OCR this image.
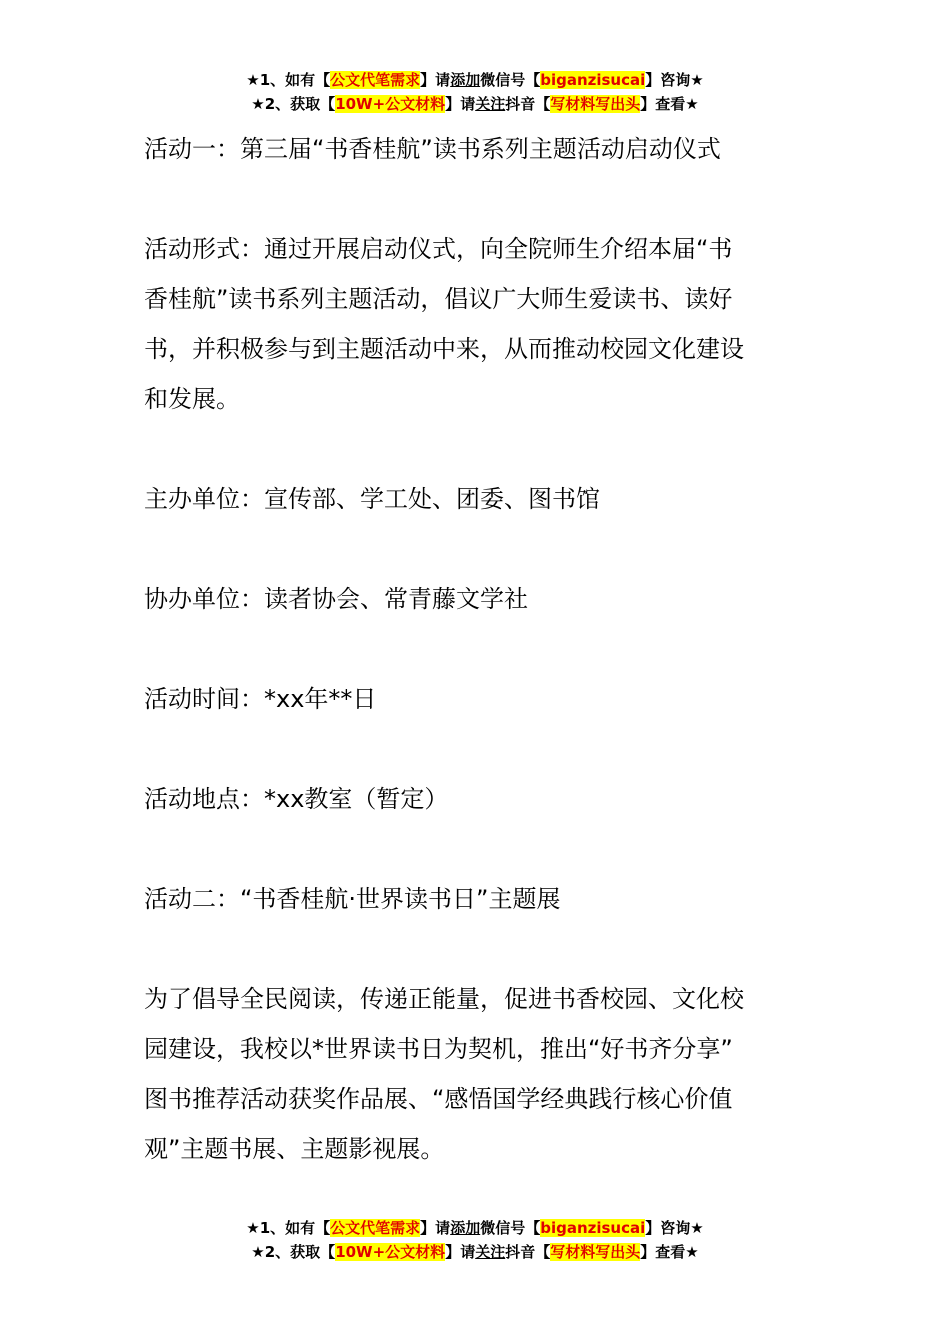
★1、如有【公文代笔需求】请添加微信号【biganzisucai】咨询★
★2、获取【10W+公文材料】请关注抖音【写材料写出头】查看★
活动一：第三届“书香桂航”读书系列主题活动启动仪式
活动形式：通过开展启动仪式，向全院师生介绍本届“书
香桂航”读书系列主题活动，倡议广大师生爱读书、读好
书，并积极参与到主题活动中来，从而推动校园文化建设
和发展。
主办单位：宣传部、学工处、团委、图书馆
协办单位：读者协会、常青藤文学社
活动时间：*xx年**日
活动地点：*xx教室（暂定）
活动二：“书香桂航·世界读书日”主题展
为了倡导全民阅读，传递正能量，促进书香校园、文化校
园建设，我校以*世界读书日为契机，推出“好书齐分享”
图书推荐活动获奖作品展、“感悟国学经典践行核心价值
观”主题书展、主题影视展。
★1、如有【公文代笔需求】请添加微信号【biganzisucai】咨询★
★2、获取【10W+公文材料】请关注抖音【写材料写出头】查看★
